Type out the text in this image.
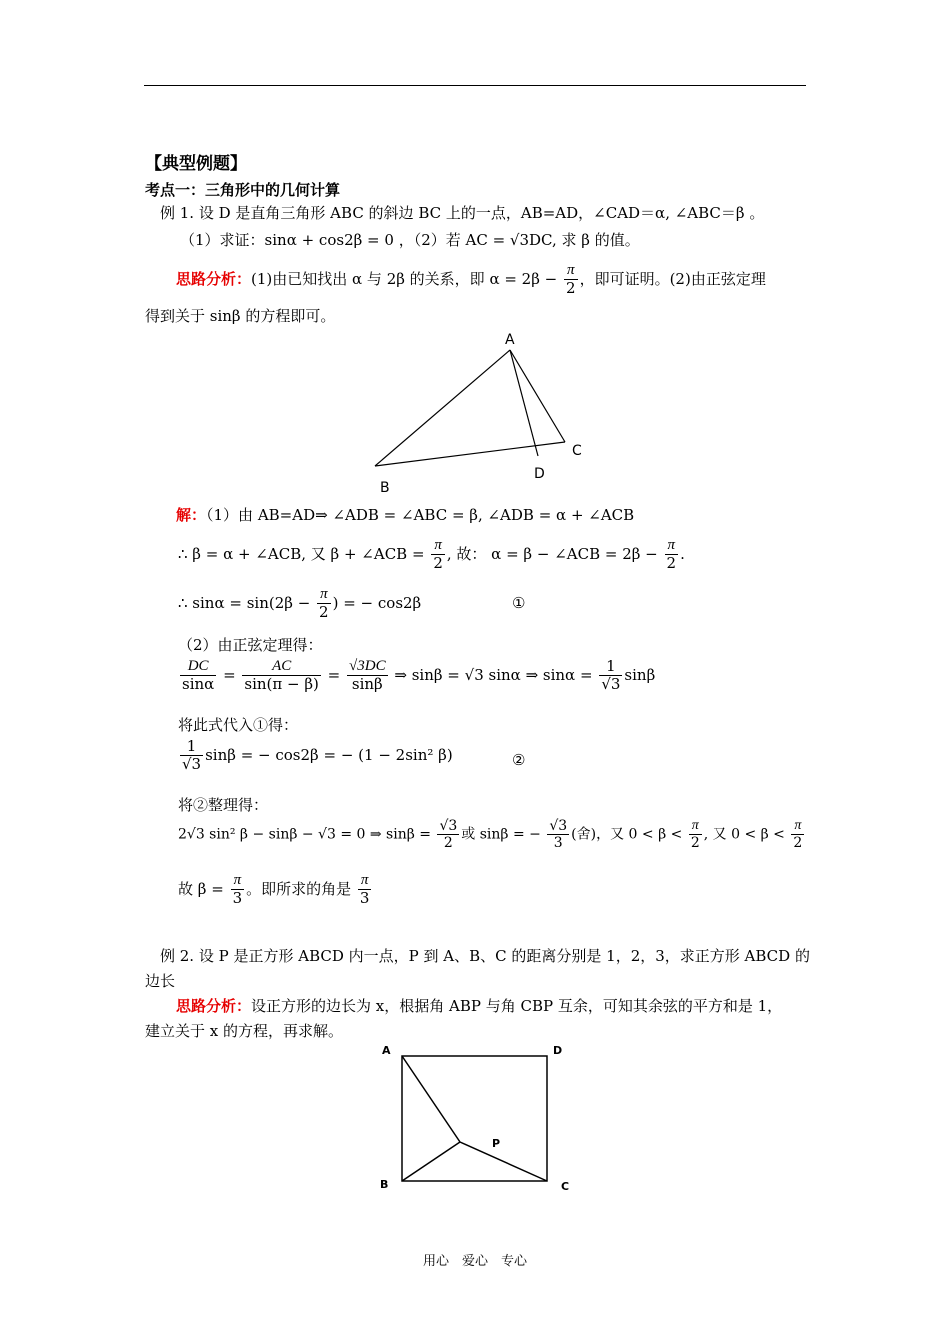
【典型例题】
考点一：三角形中的几何计算
例 1. 设 D 是直角三角形 ABC 的斜边 BC 上的一点，AB=AD，∠CAD＝α, ∠ABC＝β 。
（1）求证：sinα + cos2β = 0 ，（2）若 AC = √3DC, 求 β 的值。
思路分析：(1)由已知找出 α 与 2β 的关系，即 $\alpha = 2\beta - \frac{\pi}{2}$ ，即可证明。(2)由正弦定理
得到关于 sinβ 的方程即可。
A
B
C
D
解：（1）由 AB=AD⇒ ∠ADB = ∠ABC = β, ∠ADB = α + ∠ACB
∴ β = α + ∠ACB, 又 β + ∠ACB = $\frac{\pi}{2}$ , 故： α = β − ∠ACB = $2\beta - \frac{\pi}{2}$ .
∴ $\sin\alpha = \sin(2\beta - \frac{\pi}{2}$ ) = − cos2β	①
（2）由正弦定理得：
$\frac{DC}{\sin\alpha} = \frac{AC}{\sin(\pi - \beta)} = \frac{√3DC}{\sin\beta}$ ⇒ sinβ = √3 sinα ⇒ $\sin\alpha = \frac{1}{√3}$ sinβ
将此式代入①得：
$\frac{1}{√3}$ sinβ = − cos2β = − (1 − 2sin² β)	②
将②整理得：
2√3 sin² β − sinβ − √3 = 0 ⇒ $\sin\beta = \frac{√3}{2}$ 或 sinβ = − $\frac{√3}{3}$ (舍)，又 $0 < \beta < \frac{\pi}{2}$ , 又 $0 < \beta < \frac{\pi}{2}$
故 $\beta = \frac{\pi}{3}$ 。即所求的角是 $\frac{\pi}{3}$
例 2. 设 P 是正方形 ABCD 内一点，P 到 A、B、C 的距离分别是 1，2，3，求正方形 ABCD 的
边长
思路分析：设正方形的边长为 x，根据角 ABP 与角 CBP 互余，可知其余弦的平方和是 1，
建立关于 x 的方程，再求解。
A	D
B	C
P
用心　爱心　专心
